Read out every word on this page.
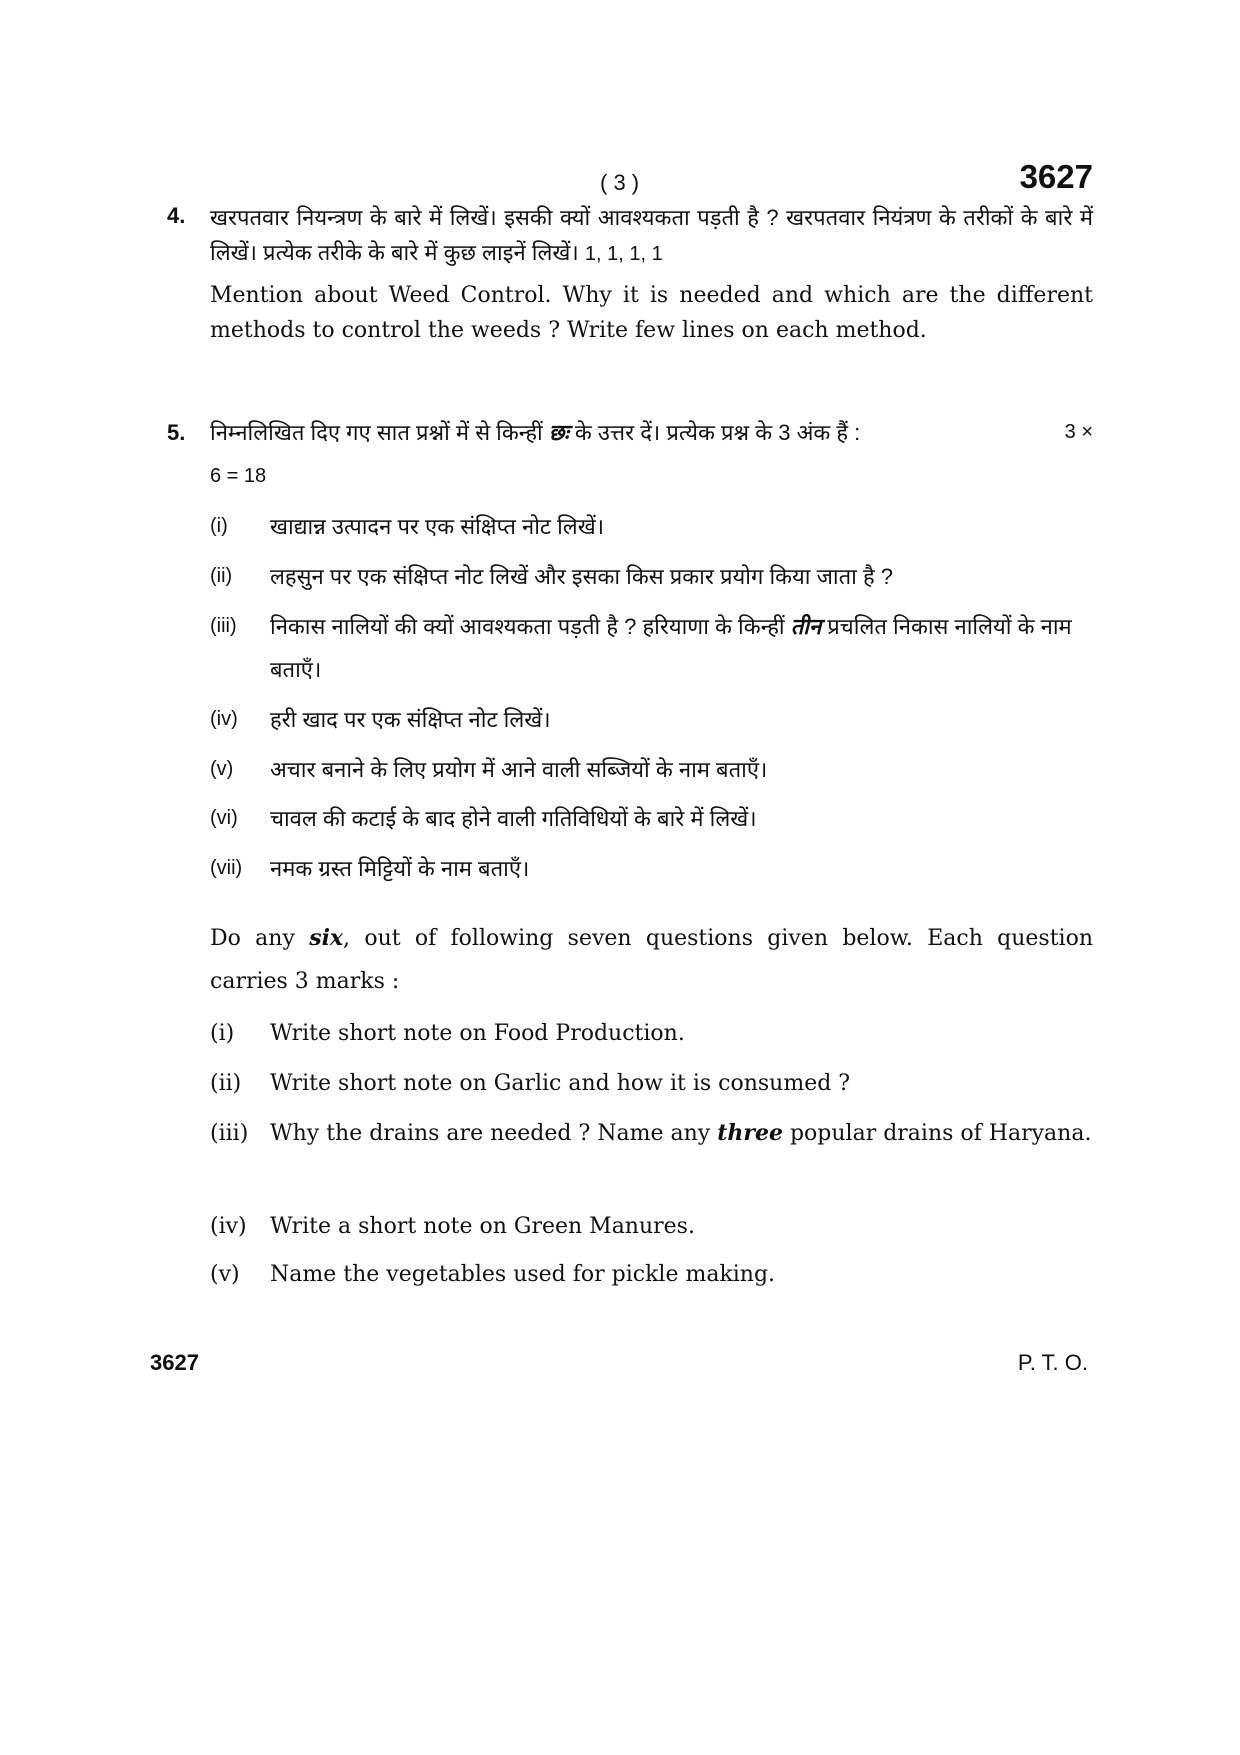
( 3 )	3627
4. खरपतवार नियन्त्रण के बारे में लिखें। इसकी क्यों आवश्यकता पड़ती है ? खरपतवार नियंत्रण के तरीकों के बारे में लिखें। प्रत्येक तरीके के बारे में कुछ लाइनें लिखें। 1, 1, 1, 1
Mention about Weed Control. Why it is needed and which are the different methods to control the weeds ? Write few lines on each method.
5. निम्नलिखित दिए गए सात प्रश्नों में से किन्हीं छः के उत्तर दें। प्रत्येक प्रश्न के 3 अंक हैं :	3 ×
6 = 18
(i)	खाद्यान्न उत्पादन पर एक संक्षिप्त नोट लिखें।
(ii)	लहसुन पर एक संक्षिप्त नोट लिखें और इसका किस प्रकार प्रयोग किया जाता है ?
(iii)	निकास नालियों की क्यों आवश्यकता पड़ती है ? हरियाणा के किन्हीं तीन प्रचलित निकास नालियों के नाम बताएँ।
(iv)	हरी खाद पर एक संक्षिप्त नोट लिखें।
(v)	अचार बनाने के लिए प्रयोग में आने वाली सब्जियों के नाम बताएँ।
(vi)	चावल की कटाई के बाद होने वाली गतिविधियों के बारे में लिखें।
(vii)	नमक ग्रस्त मिट्टियों के नाम बताएँ।
Do any six, out of following seven questions given below. Each question carries 3 marks :
(i)	Write short note on Food Production.
(ii)	Write short note on Garlic and how it is consumed ?
(iii) Why the drains are needed ? Name any three popular drains of Haryana.
(iv)	Write a short note on Green Manures.
(v)	Name the vegetables used for pickle making.
3627	P. T. O.
